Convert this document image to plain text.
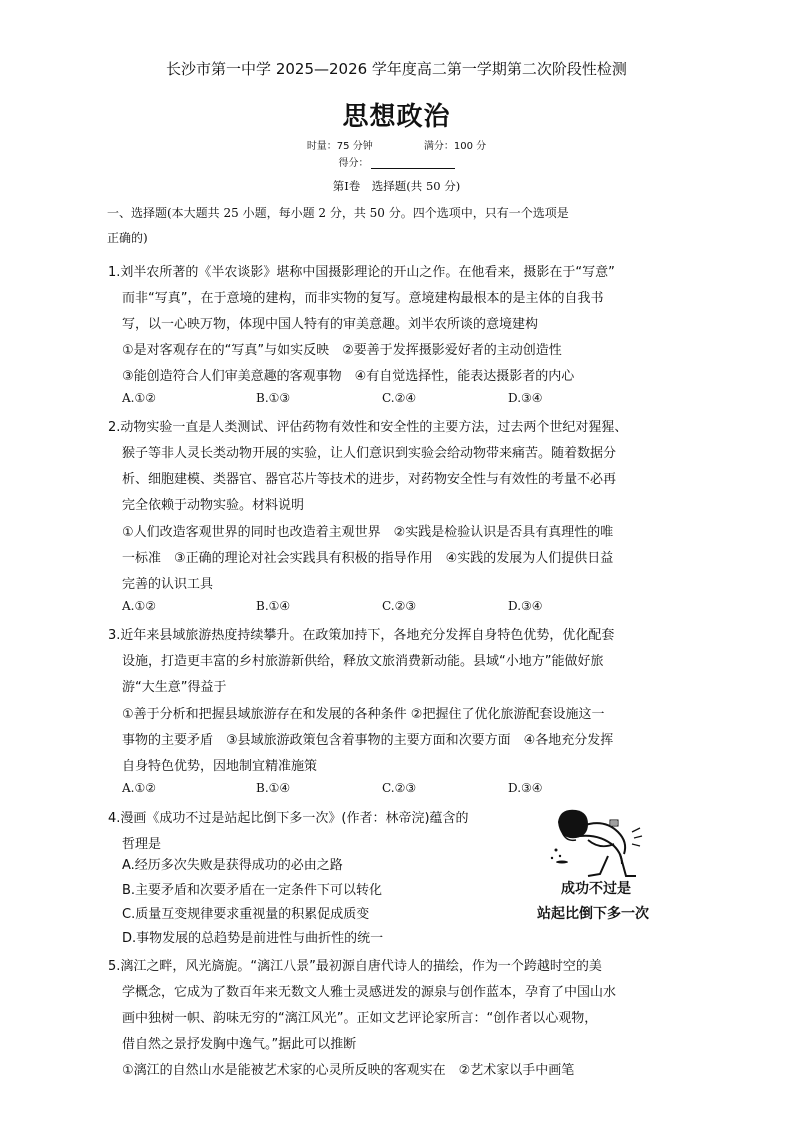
长沙市第一中学 2025—2026 学年度高二第一学期第二次阶段性检测
思想政治
时量：75 分钟	满分：100 分
得分：
第Ⅰ卷　选择题(共 50 分)
一、选择题(本大题共 25 小题，每小题 2 分，共 50 分。四个选项中，只有一个选项是
正确的)
1.刘半农所著的《半农谈影》堪称中国摄影理论的开山之作。在他看来，摄影在于“写意”
而非“写真”，在于意境的建构，而非实物的复写。意境建构最根本的是主体的自我书
写，以一心映万物，体现中国人特有的审美意趣。刘半农所谈的意境建构
①是对客观存在的“写真”与如实反映　②要善于发挥摄影爱好者的主动创造性
③能创造符合人们审美意趣的客观事物　④有自觉选择性，能表达摄影者的内心
A.①②	B.①③	C.②④	D.③④
2.动物实验一直是人类测试、评估药物有效性和安全性的主要方法，过去两个世纪对猩猩、
猴子等非人灵长类动物开展的实验，让人们意识到实验会给动物带来痛苦。随着数据分
析、细胞建模、类器官、器官芯片等技术的进步，对药物安全性与有效性的考量不必再
完全依赖于动物实验。材料说明
①人们改造客观世界的同时也改造着主观世界　②实践是检验认识是否具有真理性的唯
一标准　③正确的理论对社会实践具有积极的指导作用　④实践的发展为人们提供日益
完善的认识工具
A.①②	B.①④	C.②③	D.③④
3.近年来县域旅游热度持续攀升。在政策加持下，各地充分发挥自身特色优势，优化配套
设施，打造更丰富的乡村旅游新供给，释放文旅消费新动能。县域“小地方”能做好旅
游“大生意”得益于
①善于分析和把握县域旅游存在和发展的各种条件 ②把握住了优化旅游配套设施这一
事物的主要矛盾　③县域旅游政策包含着事物的主要方面和次要方面　④各地充分发挥
自身特色优势，因地制宜精准施策
A.①②	B.①④	C.②③	D.③④
4.漫画《成功不过是站起比倒下多一次》(作者：林帝浣)蕴含的
哲理是
A.经历多次失败是获得成功的必由之路
B.主要矛盾和次要矛盾在一定条件下可以转化
C.质量互变规律要求重视量的积累促成质变
D.事物发展的总趋势是前进性与曲折性的统一
成功不过是
站起比倒下多一次
5.漓江之畔，风光旖旎。“漓江八景”最初源自唐代诗人的描绘，作为一个跨越时空的美
学概念，它成为了数百年来无数文人雅士灵感迸发的源泉与创作蓝本，孕育了中国山水
画中独树一帜、韵味无穷的“漓江风光”。正如文艺评论家所言：“创作者以心观物，
借自然之景抒发胸中逸气。”据此可以推断
①漓江的自然山水是能被艺术家的心灵所反映的客观实在　②艺术家以手中画笔
